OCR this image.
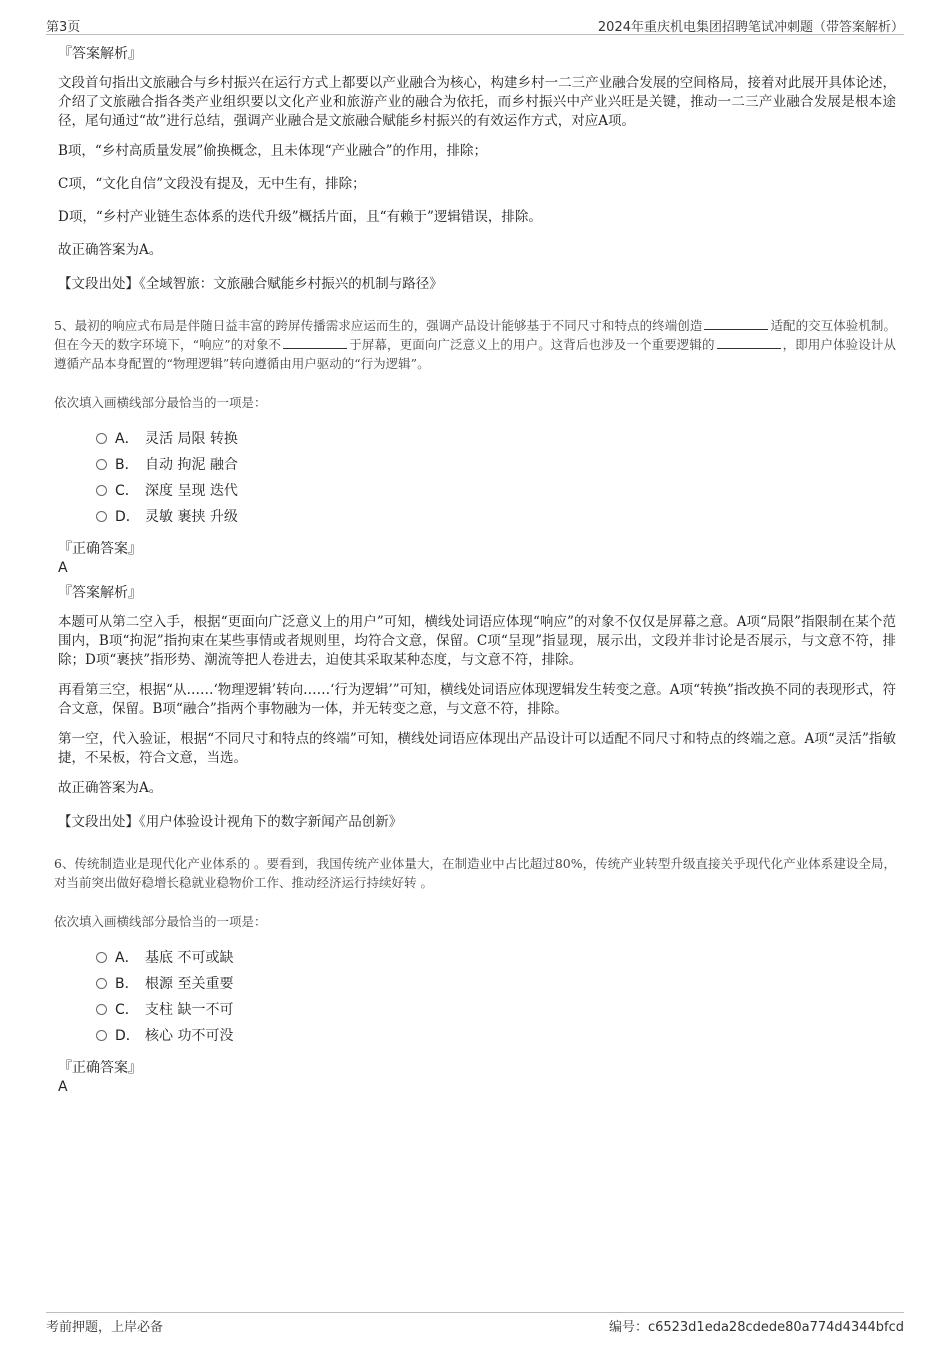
第3页	2024年重庆机电集团招聘笔试冲刺题（带答案解析）
『答案解析』

文段首句指出文旅融合与乡村振兴在运行方式上都要以产业融合为核心，构建乡村一二三产业融合发展的空间格局，接着对此展开具体论述，介绍了文旅融合指各类产业组织要以文化产业和旅游产业的融合为依托，而乡村振兴中产业兴旺是关键，推动一二三产业融合发展是根本途径，尾句通过“故”进行总结，强调产业融合是文旅融合赋能乡村振兴的有效运作方式，对应A项。

B项，“乡村高质量发展”偷换概念，且未体现“产业融合”的作用，排除；

C项，“文化自信”文段没有提及，无中生有，排除；

D项，“乡村产业链生态体系的迭代升级”概括片面，且“有赖于”逻辑错误，排除。

故正确答案为A。

【文段出处】《全域智旅：文旅融合赋能乡村振兴的机制与路径》
5、最初的响应式布局是伴随日益丰富的跨屏传播需求应运而生的，强调产品设计能够基于不同尺寸和特点的终端创造	适配的交互体验机制。但在今天的数字环境下，“响应”的对象不	于屏幕，更面向广泛意义上的用户。这背后也涉及一个重要逻辑的	，即用户体验设计从遵循产品本身配置的“物理逻辑”转向遵循由用户驱动的“行为逻辑”。
依次填入画横线部分最恰当的一项是：
A． 灵活 局限 转换
B． 自动 拘泥 融合
C． 深度 呈现 迭代
D． 灵敏 裹挟 升级
『正确答案』
A
『答案解析』

本题可从第二空入手，根据“更面向广泛意义上的用户”可知，横线处词语应体现“响应”的对象不仅仅是屏幕之意。A项“局限”指限制在某个范围内，B项“拘泥”指拘束在某些事情或者规则里，均符合文意，保留。C项“呈现”指显现，展示出，文段并非讨论是否展示，与文意不符，排除；D项“裹挟”指形势、潮流等把人卷进去，迫使其采取某种态度，与文意不符，排除。

再看第三空，根据“从……‘物理逻辑’转向……‘行为逻辑’”可知，横线处词语应体现逻辑发生转变之意。A项“转换”指改换不同的表现形式，符合文意，保留。B项“融合”指两个事物融为一体，并无转变之意，与文意不符，排除。

第一空，代入验证，根据“不同尺寸和特点的终端”可知，横线处词语应体现出产品设计可以适配不同尺寸和特点的终端之意。A项“灵活”指敏捷，不呆板，符合文意，当选。

故正确答案为A。

【文段出处】《用户体验设计视角下的数字新闻产品创新》
6、传统制造业是现代化产业体系的 。要看到，我国传统产业体量大，在制造业中占比超过80%，传统产业转型升级直接关乎现代化产业体系建设全局，对当前突出做好稳增长稳就业稳物价工作、推动经济运行持续好转 。
依次填入画横线部分最恰当的一项是：
A． 基底 不可或缺
B． 根源 至关重要
C． 支柱 缺一不可
D． 核心 功不可没
『正确答案』
A
考前押题，上岸必备	编号：c6523d1eda28cdede80a774d4344bfcd
